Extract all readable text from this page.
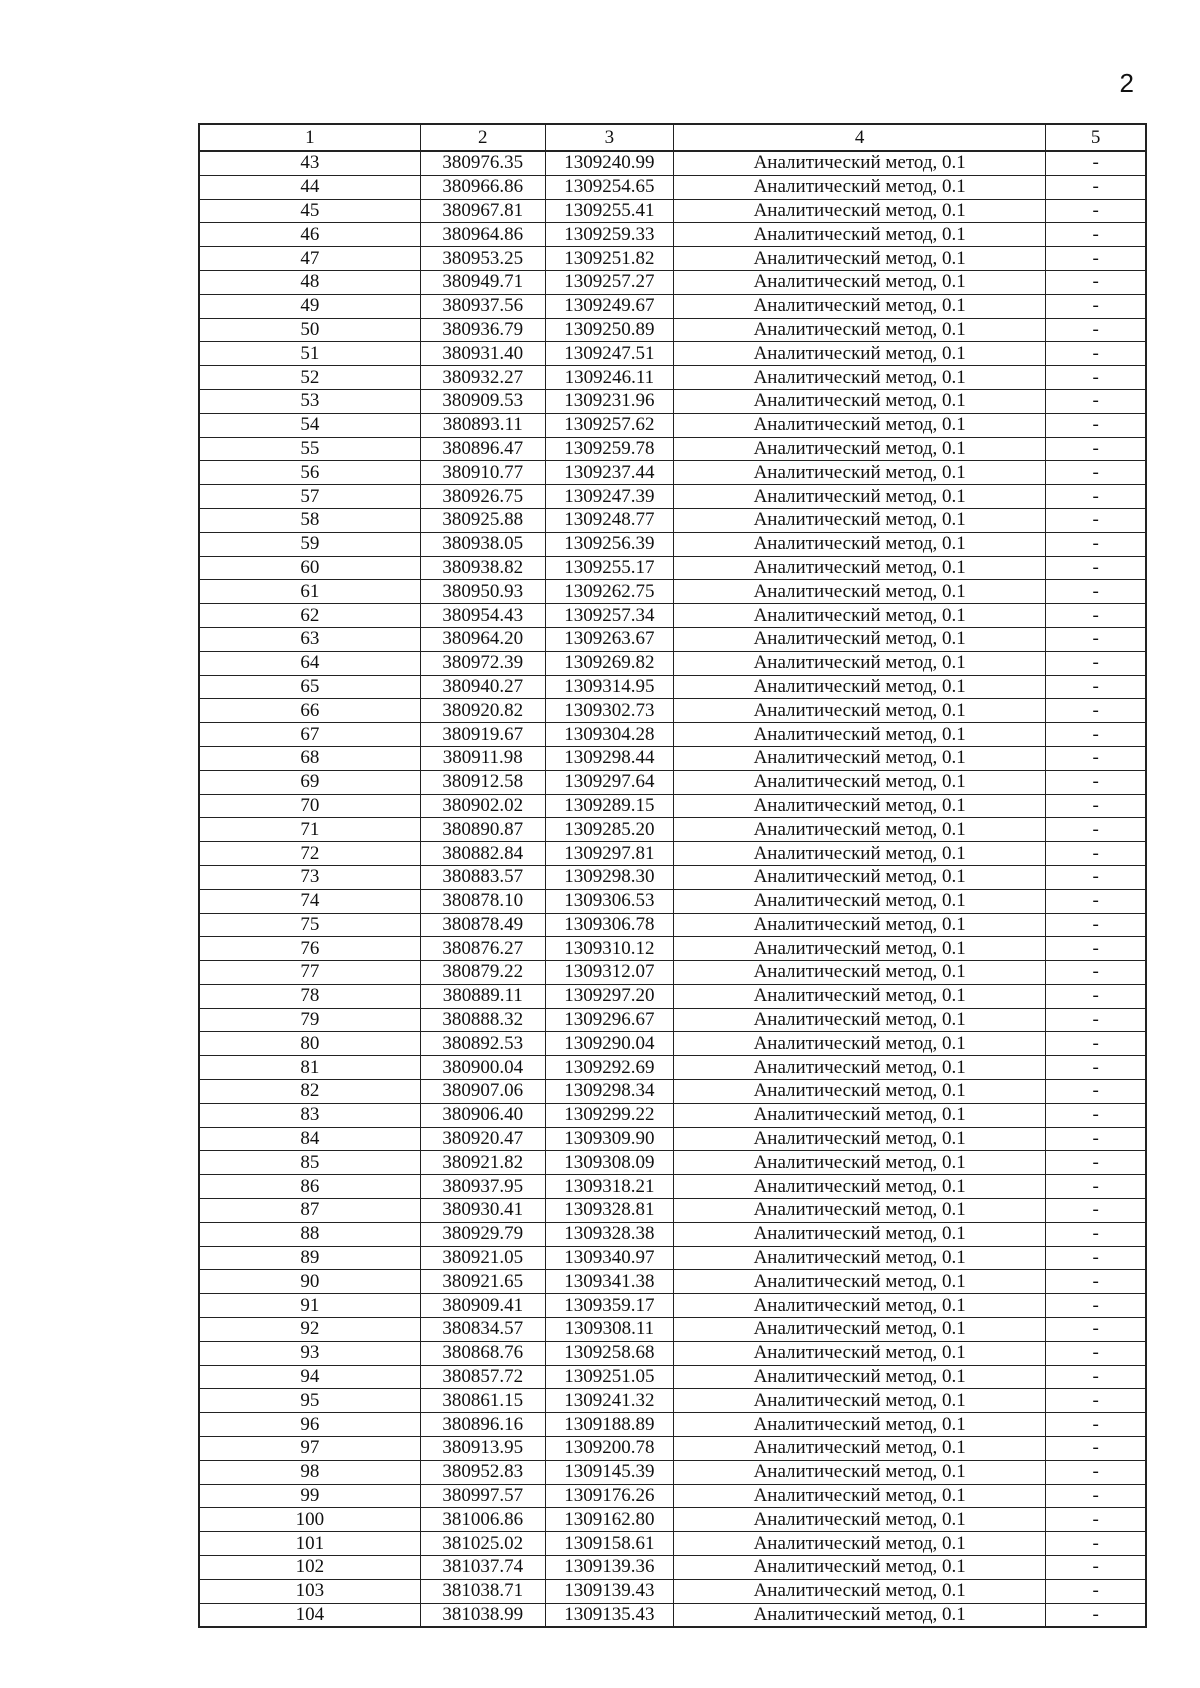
2
1	2	3	4	5
43	380976.35	1309240.99	Аналитический метод, 0.1	-
44	380966.86	1309254.65	Аналитический метод, 0.1	-
45	380967.81	1309255.41	Аналитический метод, 0.1	-
46	380964.86	1309259.33	Аналитический метод, 0.1	-
47	380953.25	1309251.82	Аналитический метод, 0.1	-
48	380949.71	1309257.27	Аналитический метод, 0.1	-
49	380937.56	1309249.67	Аналитический метод, 0.1	-
50	380936.79	1309250.89	Аналитический метод, 0.1	-
51	380931.40	1309247.51	Аналитический метод, 0.1	-
52	380932.27	1309246.11	Аналитический метод, 0.1	-
53	380909.53	1309231.96	Аналитический метод, 0.1	-
54	380893.11	1309257.62	Аналитический метод, 0.1	-
55	380896.47	1309259.78	Аналитический метод, 0.1	-
56	380910.77	1309237.44	Аналитический метод, 0.1	-
57	380926.75	1309247.39	Аналитический метод, 0.1	-
58	380925.88	1309248.77	Аналитический метод, 0.1	-
59	380938.05	1309256.39	Аналитический метод, 0.1	-
60	380938.82	1309255.17	Аналитический метод, 0.1	-
61	380950.93	1309262.75	Аналитический метод, 0.1	-
62	380954.43	1309257.34	Аналитический метод, 0.1	-
63	380964.20	1309263.67	Аналитический метод, 0.1	-
64	380972.39	1309269.82	Аналитический метод, 0.1	-
65	380940.27	1309314.95	Аналитический метод, 0.1	-
66	380920.82	1309302.73	Аналитический метод, 0.1	-
67	380919.67	1309304.28	Аналитический метод, 0.1	-
68	380911.98	1309298.44	Аналитический метод, 0.1	-
69	380912.58	1309297.64	Аналитический метод, 0.1	-
70	380902.02	1309289.15	Аналитический метод, 0.1	-
71	380890.87	1309285.20	Аналитический метод, 0.1	-
72	380882.84	1309297.81	Аналитический метод, 0.1	-
73	380883.57	1309298.30	Аналитический метод, 0.1	-
74	380878.10	1309306.53	Аналитический метод, 0.1	-
75	380878.49	1309306.78	Аналитический метод, 0.1	-
76	380876.27	1309310.12	Аналитический метод, 0.1	-
77	380879.22	1309312.07	Аналитический метод, 0.1	-
78	380889.11	1309297.20	Аналитический метод, 0.1	-
79	380888.32	1309296.67	Аналитический метод, 0.1	-
80	380892.53	1309290.04	Аналитический метод, 0.1	-
81	380900.04	1309292.69	Аналитический метод, 0.1	-
82	380907.06	1309298.34	Аналитический метод, 0.1	-
83	380906.40	1309299.22	Аналитический метод, 0.1	-
84	380920.47	1309309.90	Аналитический метод, 0.1	-
85	380921.82	1309308.09	Аналитический метод, 0.1	-
86	380937.95	1309318.21	Аналитический метод, 0.1	-
87	380930.41	1309328.81	Аналитический метод, 0.1	-
88	380929.79	1309328.38	Аналитический метод, 0.1	-
89	380921.05	1309340.97	Аналитический метод, 0.1	-
90	380921.65	1309341.38	Аналитический метод, 0.1	-
91	380909.41	1309359.17	Аналитический метод, 0.1	-
92	380834.57	1309308.11	Аналитический метод, 0.1	-
93	380868.76	1309258.68	Аналитический метод, 0.1	-
94	380857.72	1309251.05	Аналитический метод, 0.1	-
95	380861.15	1309241.32	Аналитический метод, 0.1	-
96	380896.16	1309188.89	Аналитический метод, 0.1	-
97	380913.95	1309200.78	Аналитический метод, 0.1	-
98	380952.83	1309145.39	Аналитический метод, 0.1	-
99	380997.57	1309176.26	Аналитический метод, 0.1	-
100	381006.86	1309162.80	Аналитический метод, 0.1	-
101	381025.02	1309158.61	Аналитический метод, 0.1	-
102	381037.74	1309139.36	Аналитический метод, 0.1	-
103	381038.71	1309139.43	Аналитический метод, 0.1	-
104	381038.99	1309135.43	Аналитический метод, 0.1	-
